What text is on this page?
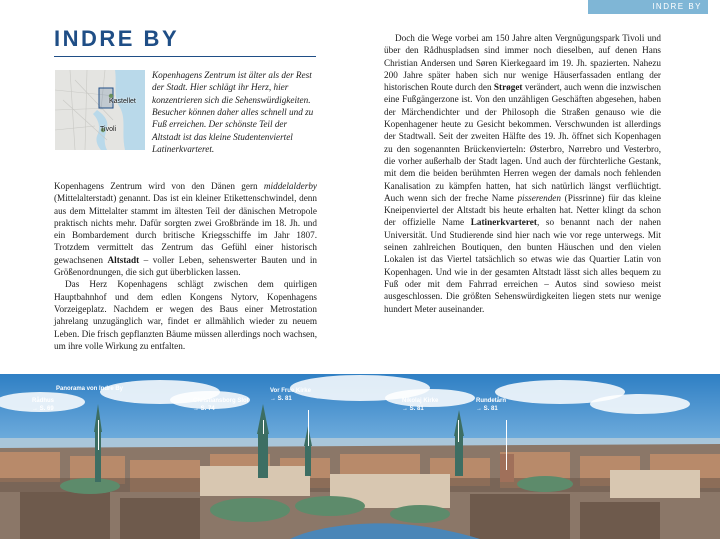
INDRE BY
INDRE BY
Kastellet
Tivoli

Kopenhagens Zentrum ist älter als der Rest der Stadt. Hier schlägt ihr Herz, hier konzentrieren sich die Sehenswürdigkeiten. Besucher können daher alles schnell und zu Fuß erreichen. Der schönste Teil der Altstadt ist das kleine Studentenviertel Latinerkvarteret.

Kopenhagens Zentrum wird von den Dänen gern middelalderby (Mittelalterstadt) genannt. Das ist ein kleiner Etikettenschwindel, denn aus dem Mittelalter stammt im ältesten Teil der dänischen Metropole praktisch nichts mehr. Dafür sorgten zwei Großbrände im 18. Jh. und ein Bombardement durch britische Kriegsschiffe im Jahr 1807. Trotzdem vermittelt das Zentrum das Gefühl einer historisch gewachsenen Altstadt – voller Leben, sehenswerter Bauten und in Größenordnungen, die sich gut überblicken lassen.

Das Herz Kopenhagens schlägt zwischen dem quirligen Hauptbahnhof und dem edlen Kongens Nytorv, Kopenhagens Vorzeigeplatz. Nachdem er wegen des Baus einer Metrostation jahrelang unzugänglich war, findet er allmählich wieder zu neuem Leben. Die frisch gepflanzten Bäume müssen allerdings noch wachsen, um ihre volle Wirkung zu entfalten.

Doch die Wege vorbei am 150 Jahre alten Vergnügungspark Tivoli und über den Rådhuspladsen sind immer noch dieselben, auf denen Hans Christian Andersen und Søren Kierkegaard im 19. Jh. spazierten. Nahezu 200 Jahre später haben sich nur wenige Häuserfassaden entlang der historischen Route durch den Strøget verändert, auch wenn die inzwischen eine Fußgängerzone ist. Von den unzähligen Geschäften abgesehen, haben der Märchendichter und der Philosoph die Straßen genauso wie die Kopenhagener heute zu Gesicht bekommen. Verschwunden ist allerdings der Stadtwall. Seit der zweiten Hälfte des 19. Jh. öffnet sich Kopenhagen zu den sogenannten Brückenvierteln: Østerbro, Nørrebro und Vesterbro, die vorher außerhalb der Stadt lagen. Und auch der fürchterliche Gestank, mit dem die beiden berühmten Herren wegen der damals noch fehlenden Kanalisation zu kämpfen hatten, hat sich natürlich längst verflüchtigt. Auch wenn sich der freche Name pisserenden (Pissrinne) für das kleine Kneipenviertel der Altstadt bis heute erhalten hat. Netter klingt da schon der offizielle Name Latinerkvarteret, so benannt nach der nahen Universität. Und Studierende sind hier nach wie vor rege unterwegs. Mit seinen zahlreichen Boutiquen, den bunten Häuschen und den vielen Lokalen ist das Viertel tatsächlich so etwas wie das Quartier Latin von Kopenhagen. Und wie in der gesamten Altstadt lässt sich alles bequem zu Fuß oder mit dem Fahrrad erreichen – Autos sind sowieso meist ausgeschlossen. Die größten Sehenswürdigkeiten liegen stets nur wenige hundert Meter auseinander.

Panorama von Indre By
Rådhus
→ S. 69
Christiansborg Slot
→ S. 74
Vor Frue Kirke
→ S. 81	Nikolaj Kirke
→ S. 81
Rundetårn
→ S. 81
